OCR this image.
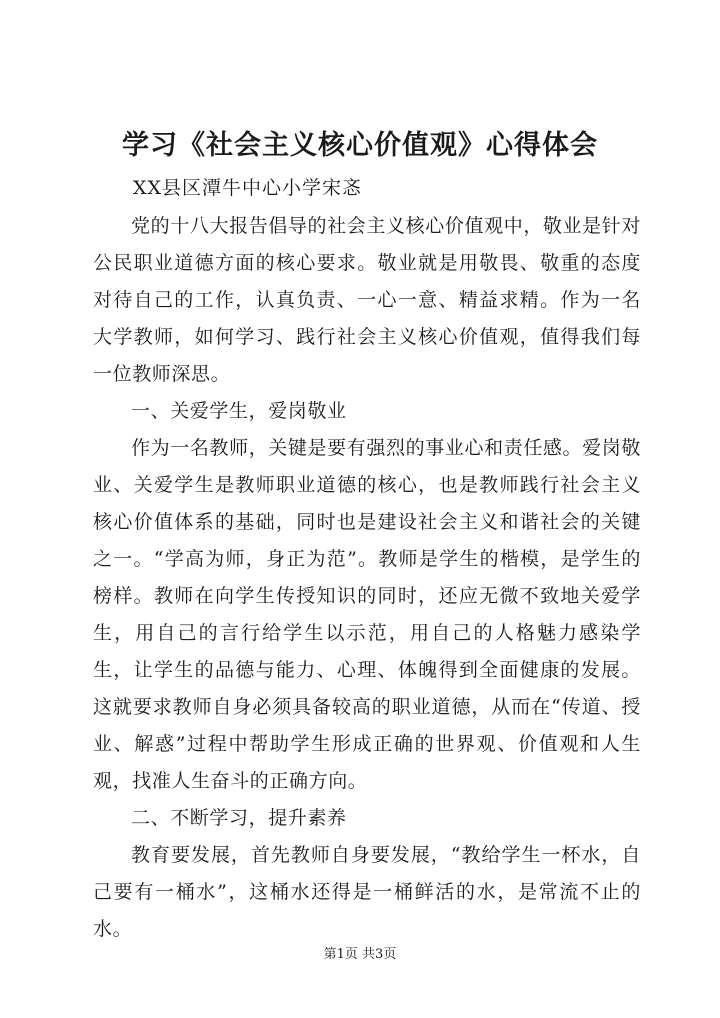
学习《社会主义核心价值观》心得体会
XX县区潭牛中心小学宋忞

党的十八大报告倡导的社会主义核心价值观中，敬业是针对公民职业道德方面的核心要求。敬业就是用敬畏、敬重的态度对待自己的工作，认真负责、一心一意、精益求精。作为一名大学教师，如何学习、践行社会主义核心价值观，值得我们每一位教师深思。

一、关爱学生，爱岗敬业

作为一名教师，关键是要有强烈的事业心和责任感。爱岗敬业、关爱学生是教师职业道德的核心，也是教师践行社会主义核心价值体系的基础，同时也是建设社会主义和谐社会的关键之一。“学高为师，身正为范”。教师是学生的楷模，是学生的榜样。教师在向学生传授知识的同时，还应无微不致地关爱学生，用自己的言行给学生以示范，用自己的人格魅力感染学生，让学生的品德与能力、心理、体魄得到全面健康的发展。这就要求教师自身必须具备较高的职业道德，从而在“传道、授业、解惑”过程中帮助学生形成正确的世界观、价值观和人生观，找准人生奋斗的正确方向。

二、不断学习，提升素养

教育要发展，首先教师自身要发展，“教给学生一杯水，自己要有一桶水”，这桶水还得是一桶鲜活的水，是常流不止的水。

第1页 共3页
